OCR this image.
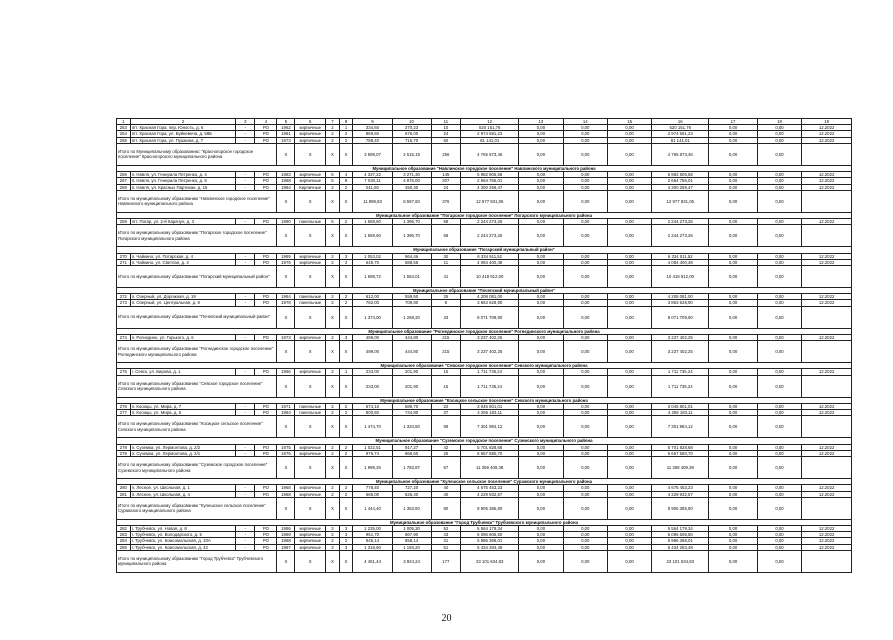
1	2	3	4	5	6	7	8	9	10	11	12	13	14	15	16	17	18	19
263	пгт. Красная Гора, пер. Юность, д. 6	-	РО	1962	кирпичные	2	1	334,60	270,23	10	520 151,76	0,00	0,00	0,00	520 151,76	0,00	0,00	12.2022
264	пгт. Красная Гора, ул. Буйневича, д. 58Б	-	РО	1981	кирпичные	2	2	869,60	676,00	24	2 974 691,23	0,00	0,00	0,00	2 974 691,23	0,00	0,00	12.2022
265	пгт. Красная Гора, ул. Пушкина, д. 7	-	РО	1973	кирпичные	2	2	788,40	715,70	50	81 141,01	0,00	0,00	0,00	81 141,01	0,00	0,00	12.2022
Итого по Муниципальному образованию: "Красногорское городское поселение" Красногорского муниципального района				X	X	X	X	3 599,07	2 515,19	256	4 765 873,46	0,00	0,00	0,00	4 765 873,46	0,00	0,00	
Муниципальное образование "Навлинское городское поселение" Навлинского муниципального района																		
266	п. Навля, ул. Генерала Петренко, д. 4	-	РО	1983	кирпичные	5	4	4 337,22	3 271,30	145	5 982 805,58	0,00	0,00	0,00	5 982 805,58	0,00	0,00	12.2022
267	п. Навля, ул. Генерала Петренко, д. 8	-	РО	1988	кирпичные	5	8	7 030,11	4 876,00	207	2 664 756,01	0,00	0,00	0,00	2 664 756,01	0,00	0,00	12.2022
268	п. Навля, ул. Красных Партизан, д. 15	-	РО	1984	Кирпичные	2	2	511,50	450,30	24	4 300 269,47	0,00	0,00	0,00	4 300 269,47	0,00	0,00	12.2022
Итого по муниципальному образованию "Навлинское городское поселение" Навлинского муниципального района				X	X	X	X	11 898,83	8 597,60	376	12 977 831,06	0,00	0,00	0,00	12 977 831,06	0,00	0,00	
Муниципальное образование "Погарское городское поселение" Погарского муниципального района																		
269	пгт. Погар, ул. 2-й Карачун, д. 3	-	РО	1990	панельные	5	2	1 559,60	1 396,70	58	2 244 273,26	0,00	0,00	0,00	2 244 273,26	0,00	0,00	12.2022
Итого по муниципальному образованию "Погарское городское поселение" Погарского муниципального района				X	X	X	X	1 559,60	1 396,70	58	2 244 273,26	0,00	0,00	0,00	2 244 273,26	0,00	0,00	
Муниципальное образование "Погарский муниципальный район"																		
270	п. Чайкино, ул. Потарская, д. 4	-	РО	1989	кирпичные	2	3	1 053,02	964,46	30	6 334 511,52	0,00	0,00	0,00	6 334 511,52	0,00	0,00	12.2022
271	п. Чайкино, ул. Светлая, д. 3	-	РО	1975	кирпичные	2	2	645,70	588,55	11	4 084 400,48	0,00	0,00	0,00	4 084 400,48	0,00	0,00	12.2022
Итого по муниципальному образованию "Погарский муниципальный район"				X	X	X	X	1 698,72	1 553,01	41	10 418 912,00	0,00	0,00	0,00	10 418 912,00	0,00	0,00	
Муниципальное образование "Почепский муниципальный район"																		
272	п. Озерный, ул. Дорожная, д. 19	-	РО	1984	панельные	2	2	612,00	559,50	25	4 208 081,00	0,00	0,00	0,00	4 208 081,00	0,00	0,00	12.2022
273	п. Озерный, ул. Центральная, д. 9	-	РО	1978	панельные	2	2	762,00	709,80	8	3 863 628,90	0,00	0,00	0,00	3 863 628,90	0,00	0,00	12.2022
Итого по муниципальному образованию "Почепский муниципальный район"				X	X	X	X	1 374,00	1 269,20	33	8 071 709,90	0,00	0,00	0,00	8 071 709,90	0,00	0,00	
Муниципальное образование "Рогнединское городское поселение" Рогнединского муниципального района																		
274	п. Рогнедино, ул. Горького, д. 6	-	РО	1973	кирпичные	2	3	499,00	444,80	215	3 237 402,25	0,00	0,00	0,00	3 237 402,25	0,00	0,00	12.2022
Итого по муниципальному образованию "Рогнединское городское поселение" Рогнединского муниципального района				X	X	X	X	499,00	444,80	215	3 237 402,25	0,00	0,00	0,00	3 237 402,25	0,00	0,00	
Муниципальное образование "Севское городское поселение" Севского муниципального района																		
275	г. Севск, ул. Бирова, д. 1	-	РО	1956	кирпичные	2	1	233,00	201,90	15	1 711 735,24	0,00	0,00	0,00	1 711 735,24	0,00	0,00	12.2022
Итого по муниципальному образованию "Севское городское поселение" Севского муниципального района				X	X	X	X	233,00	201,90	15	1 711 735,24	0,00	0,00	0,00	1 711 735,24	0,00	0,00	
Муниципальное образование "Косицкое сельское поселение" Севского муниципального района																		
276	п. Косицы, ул. Мира, д. 7	-	РО	1971	панельные	2	2	674,10	589,70	22	3 045 801,01	0,00	0,00	0,00	3 045 801,01	0,00	0,00	12.2022
277	п. Косицы, ул. Мира, д. 5	-	РО	1984	панельные	2	2	800,60	744,80	37	4 256 183,11	0,00	0,00	0,00	4 256 183,11	0,00	0,00	12.2022
Итого по муниципальному образованию "Косицкое сельское поселение" Севского муниципального района				X	X	X	X	1 474,70	1 334,50	59	7 301 984,12	0,00	0,00	0,00	7 301 984,12	0,00	0,00	
Муниципальное образование "Суземское городское поселение" Суземского муниципального района																		
278	п. Суземка, ул. Лермонтова, д. 2/2	-	РО	1975	кирпичные	2	2	1 022,51	917,27	42	5 701 828,68	0,00	0,00	0,00	5 701 828,68	0,00	0,00	12.2022
279	п. Суземка, ул. Лермонтова, д. 2/1	-	РО	1975	кирпичные	2	2	976,74	866,60	25	5 657 580,70	0,00	0,00	0,00	5 657 580,70	0,00	0,00	12.2022
Итого по муниципальному образованию "Суземское городское поселение" Суземского муниципального района				X	X	X	X	1 999,25	1 783,87	67	11 359 409,38	0,00	0,00	0,00	11 359 409,38	0,00	0,00	
Муниципальное образование "Кулешское сельское поселение" Суражского муниципального района																		
280	п. Лесное, ул. Школьная, д. 1	-	РО	1968	кирпичные	2	2	778,40	727,20	40	4 675 453,23	0,00	0,00	0,00	4 675 453,23	0,00	0,00	12.2022
281	п. Лесное, ул. Школьная, д. 4	-	РО	1968	кирпичные	2	2	666,00	626,40	40	4 229 932,57	0,00	0,00	0,00	4 229 932,57	0,00	0,00	12.2022
Итого по муниципальному образованию "Кулешское сельское поселение" Суражского муниципального района				X	X	X	X	1 444,40	1 353,60	80	8 905 385,80	0,00	0,00	0,00	8 905 385,80	0,00	0,00	
Муниципальное образование "Город Трубчевск" Трубчевского муниципального района																		
282	г. Трубчевск, ул. Новая, д. 8	-	РО	1986	кирпичные	3	3	1 235,00	1 005,30	52	5 564 179,34	0,00	0,00	0,00	5 564 179,34	0,00	0,00	12.2022
283	г. Трубчевск, ул. Володарского, д. 5	-	РО	1989	кирпичные	2	3	951,70	867,90	43	6 096 606,50	0,00	0,00	0,00	6 096 606,50	0,00	0,00	12.2022
284	г. Трубчевск, ул. Комсомольская, д. 33А	-	РО	1988	кирпичные	2	2	946,14	858,14	31	5 986 368,01	0,00	0,00	0,00	5 986 368,01	0,00	0,00	12.2022
285	г. Трубчевск, ул. Комсомольская, д. 42	-	РО	1987	кирпичные	3	3	1 318,60	1 193,20	51	5 434 283,48	0,00	0,00	0,00	5 434 283,48	0,00	0,00	12.2022
Итого по муниципальному образованию "Город Трубчевск" Трубчевского муниципального района				X	X	X	X	4 451,44	3 924,24	177	23 101 634,83	0,00	0,00	0,00	23 101 634,83	0,00	0,00	
20
